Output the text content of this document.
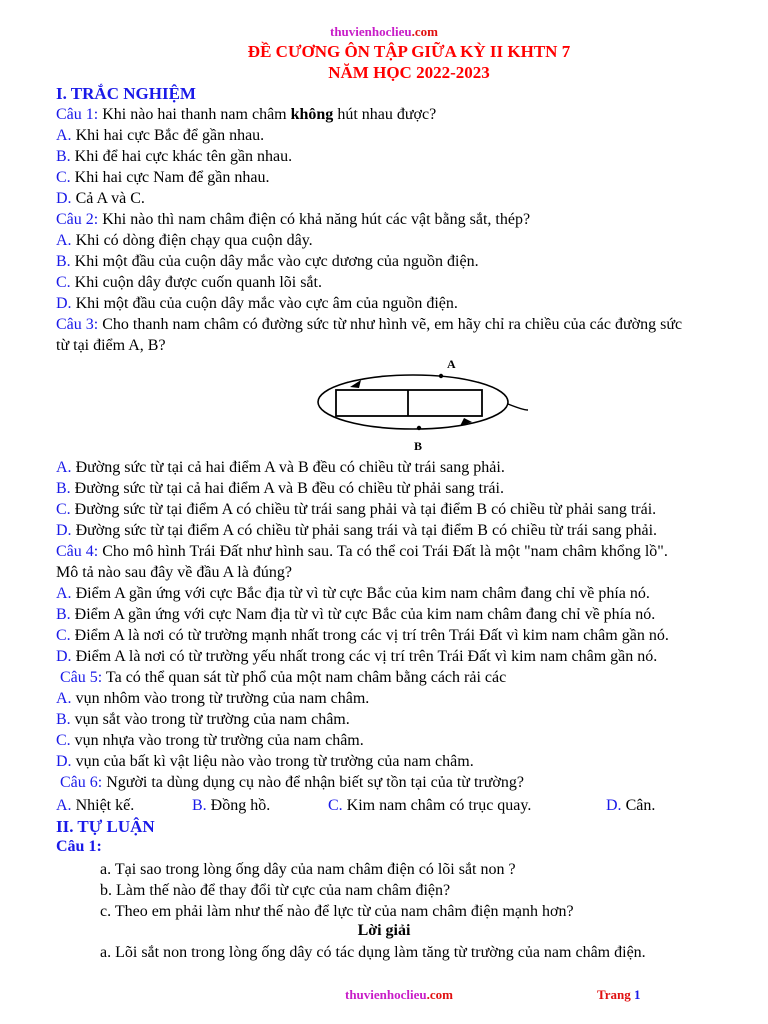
thuvienhoclieu.com
ĐỀ CƯƠNG ÔN TẬP GIỮA KỲ II KHTN 7
NĂM HỌC 2022-2023
I. TRẮC NGHIỆM
Câu 1: Khi nào hai thanh nam châm không hút nhau được?
A. Khi hai cực Bắc để gần nhau.
B. Khi để hai cực khác tên gần nhau.
C. Khi hai cực Nam để gần nhau.
D. Cả A và C.
Câu 2: Khi nào thì nam châm điện có khả năng hút các vật bằng sắt, thép?
A. Khi có dòng điện chạy qua cuộn dây.
B. Khi một đầu của cuộn dây mắc vào cực dương của nguồn điện.
C. Khi cuộn dây được cuốn quanh lõi sắt.
D. Khi một đầu của cuộn dây mắc vào cực âm của nguồn điện.
Câu 3: Cho thanh nam châm có đường sức từ như hình vẽ, em hãy chỉ ra chiều của các đường sức
từ tại điểm A, B?
A
B
A. Đường sức từ tại cả hai điểm A và B đều có chiều từ trái sang phải.
B. Đường sức từ tại cả hai điểm A và B đều có chiều từ phải sang trái.
C. Đường sức từ tại điểm A có chiều từ trái sang phải và tại điểm B có chiều từ phải sang trái.
D. Đường sức từ tại điểm A có chiều từ phải sang trái và tại điểm B có chiều từ trái sang phải.
Câu 4: Cho mô hình Trái Đất như hình sau. Ta có thể coi Trái Đất là một "nam châm khổng lồ".
Mô tả nào sau đây về đầu A là đúng?
A. Điểm A gần ứng với cực Bắc địa từ vì từ cực Bắc của kim nam châm đang chỉ về phía nó.
B. Điểm A gần ứng với cực Nam địa từ vì từ cực Bắc của kim nam châm đang chỉ về phía nó.
C. Điểm A là nơi có từ trường mạnh nhất trong các vị trí trên Trái Đất vì kim nam châm gần nó.
D. Điểm A là nơi có từ trường yếu nhất trong các vị trí trên Trái Đất vì kim nam châm gần nó.
Câu 5: Ta có thể quan sát từ phổ của một nam châm bằng cách rải các
A. vụn nhôm vào trong từ trường của nam châm.
B. vụn sắt vào trong từ trường của nam châm.
C. vụn nhựa vào trong từ trường của nam châm.
D. vụn của bất kì vật liệu nào vào trong từ trường của nam châm.
Câu 6: Người ta dùng dụng cụ nào để nhận biết sự tồn tại của từ trường?
A. Nhiệt kế.	B. Đồng hồ.	C. Kim nam châm có trục quay.	D. Cân.
II. TỰ LUẬN
Câu 1:
a. Tại sao trong lòng ống dây của nam châm điện có lõi sắt non ?
b. Làm thế nào để thay đổi từ cực của nam châm điện?
c. Theo em phải làm như thế nào để lực từ của nam châm điện mạnh hơn?
Lời giải
a. Lõi sắt non trong lòng ống dây có tác dụng làm tăng từ trường của nam châm điện.
thuvienhoclieu.com	Trang 1
